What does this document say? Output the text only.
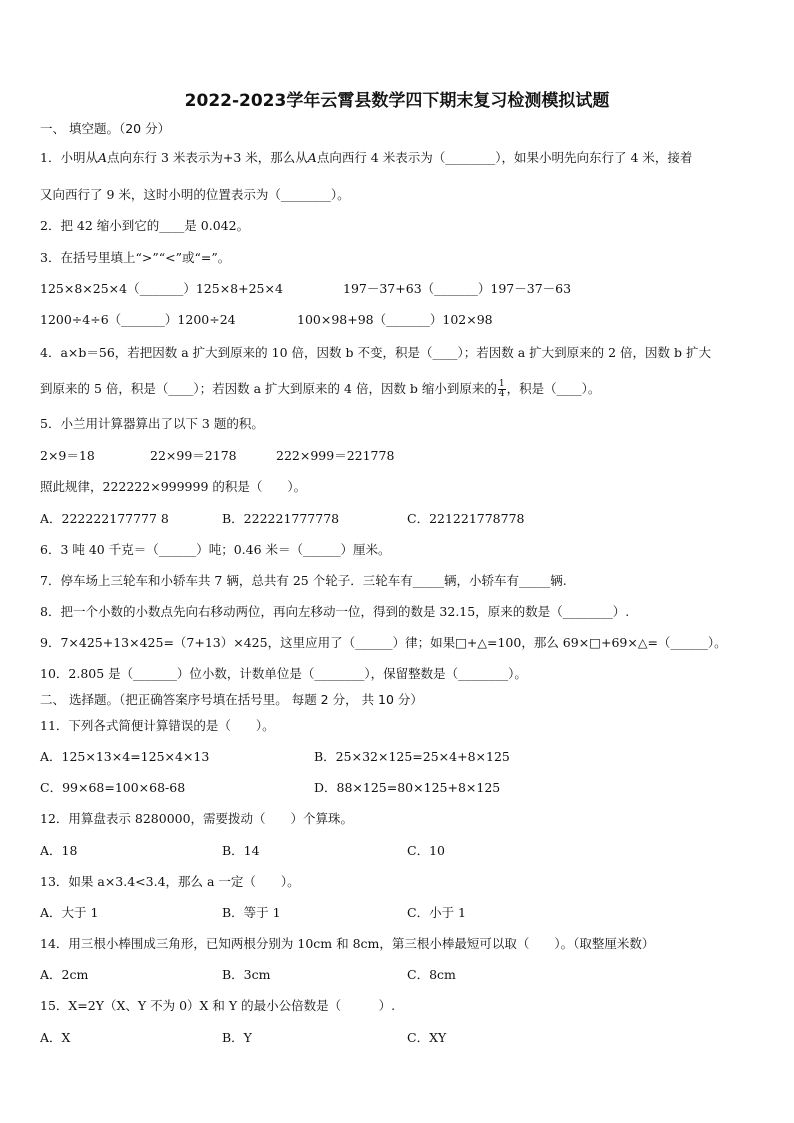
2022-2023学年云霄县数学四下期末复习检测模拟试题
一、 填空题。（20 分）
1．小明从A点向东行 3 米表示为+3 米，那么从A点向西行 4 米表示为（________），如果小明先向东行了 4 米，接着
又向西行了 9 米，这时小明的位置表示为（________）。
2．把 42 缩小到它的____是 0.042。
3．在括号里填上“>”“<”或“=”。
125×8×25×4（_______）125×8+25×4	197－37+63（_______）197－37－63
1200÷4÷6（_______）1200÷24	100×98+98（_______）102×98
4．a×b＝56，若把因数 a 扩大到原来的 10 倍，因数 b 不变，积是（____）；若因数 a 扩大到原来的 2 倍，因数 b 扩大
到原来的 5 倍，积是（____）；若因数 a 扩大到原来的 4 倍，因数 b 缩小到原来的 $\frac{1}{4}$ ，积是（____）。
5．小兰用计算器算出了以下 3 题的积。
2×9＝18	22×99＝2178	222×999＝221778
照此规律，222222×999999 的积是（　　）。
A．222222177777 8	B．222221777778	C．221221778778
6．3 吨 40 千克＝（______）吨；0.46 米＝（______）厘米。
7．停车场上三轮车和小轿车共 7 辆，总共有 25 个轮子．三轮车有_____辆，小轿车有_____辆.
8．把一个小数的小数点先向右移动两位，再向左移动一位，得到的数是 32.15，原来的数是（________）.
9．7×425+13×425=（7+13）×425，这里应用了（______）律；如果□+△=100，那么 69×□+69×△=（______）。
10．2.805 是（_______）位小数，计数单位是（________），保留整数是（________）。
二、 选择题。（把正确答案序号填在括号里。 每题 2 分， 共 10 分）
11．下列各式简便计算错误的是（　　）。
A．125×13×4=125×4×13	B．25×32×125=25×4+8×125
C．99×68=100×68-68	D．88×125=80×125+8×125
12．用算盘表示 8280000，需要拨动（　　）个算珠。
A．18	B．14	C．10
13．如果 a×3.4<3.4，那么 a 一定（　　）。
A．大于 1	B．等于 1	C．小于 1
14．用三根小棒围成三角形，已知两根分别为 10cm 和 8cm，第三根小棒最短可以取（　　）。（取整厘米数）
A．2cm	B．3cm	C．8cm
15．X=2Y（X、Y 不为 0）X 和 Y 的最小公倍数是（　　　）.
A．X	B．Y	C．XY
